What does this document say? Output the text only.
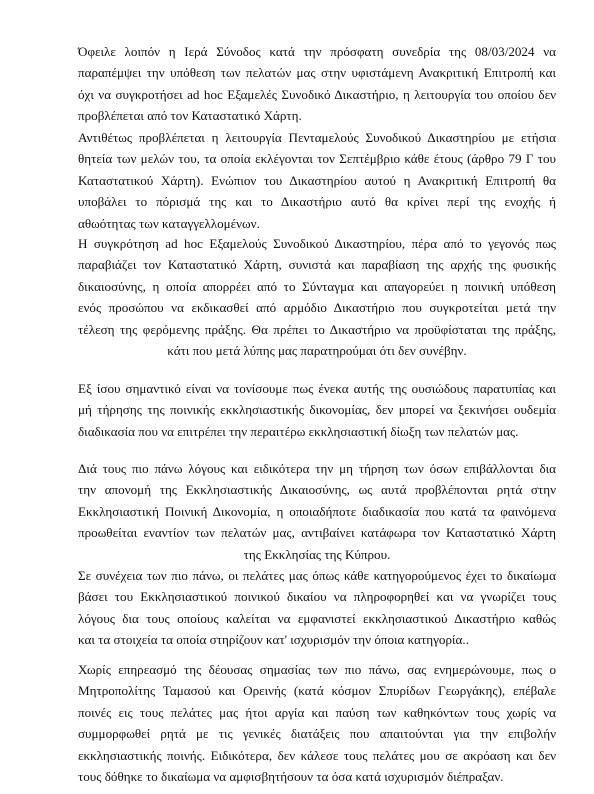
Όφειλε λοιπόν η Ιερά Σύνοδος κατά την πρόσφατη συνεδρία της 08/03/2024 να
παραπέμψει την υπόθεση των πελατών μας στην υφιστάμενη Ανακριτική Επιτροπή και
όχι να συγκροτήσει ad hoc Εξαμελές Συνοδικό Δικαστήριο, η λειτουργία του οποίου δεν
προβλέπεται από τον Καταστατικό Χάρτη.

Αντιθέτως προβλέπεται η λειτουργία Πενταμελούς Συνοδικού Δικαστηρίου με ετήσια
θητεία των μελών του, τα οποία εκλέγονται τον Σεπτέμβριο κάθε έτους (άρθρο 79 Γ του
Καταστατικού Χάρτη). Ενώπιον του Δικαστηρίου αυτού η Ανακριτική Επιτροπή θα
υποβάλει το πόρισμά της και το Δικαστήριο αυτό θα κρίνει περί της ενοχής ή
αθωότητας των καταγγελλομένων.

Η συγκρότηση ad hoc Εξαμελούς Συνοδικού Δικαστηρίου, πέρα από το γεγονός πως
παραβιάζει τον Καταστατικό Χάρτη, συνιστά και παραβίαση της αρχής της φυσικής
δικαιοσύνης, η οποία απορρέει από το Σύνταγμα και απαγορεύει η ποινική υπόθεση
ενός προσώπου να εκδικασθεί από αρμόδιο Δικαστήριο που συγκροτείται μετά την
τέλεση της φερόμενης πράξης. Θα πρέπει το Δικαστήριο να προϋφίσταται της πράξης,
κάτι που μετά λύπης μας παρατηρούμαι ότι δεν συνέβην.

Εξ ίσου σημαντικό είναι να τονίσουμε πως ένεκα αυτής της ουσιώδους παρατυπίας και
μή τήρησης της ποινικής εκκλησιαστικής δικονομίας, δεν μπορεί να ξεκινήσει ουδεμία
διαδικασία που να επιτρέπει την περαιτέρω εκκλησιαστική δίωξη των πελατών μας.

Διά τους πιο πάνω λόγους και ειδικότερα την μη τήρηση των όσων επιβάλλονται δια
την απονομή της Εκκλησιαστικής Δικαιοσύνης, ως αυτά προβλέπονται ρητά στην
Εκκλησιαστική Ποινική Δικονομία, η οποιαδήποτε διαδικασία που κατά τα φαινόμενα
προωθείται εναντίον των πελατών μας, αντιβαίνει κατάφωρα τον Καταστατικό Χάρτη
της Εκκλησίας της Κύπρου.

Σε συνέχεια των πιο πάνω, οι πελάτες μας όπως κάθε κατηγορούμενος έχει το δικαίωμα
βάσει του Εκκλησιαστικού ποινικού δικαίου να πληροφορηθεί και να γνωρίζει τους
λόγους δια τους οποίους καλείται να εμφανιστεί εκκλησιαστικού Δικαστήριο καθώς
και τα στοιχεία τα οποία στηρίζουν κατ' ισχυρισμόν την όποια κατηγορία..

Χωρίς επηρεασμό της δέουσας σημασίας των πιο πάνω, σας ενημερώνουμε, πως ο
Μητροπολίτης Ταμασού και Ορεινής (κατά κόσμον Σπυρίδων Γεωργάκης), επέβαλε
ποινές εις τους πελάτες μας ήτοι αργία και παύση των καθηκόντων τους χωρίς να
συμμορφωθεί ρητά με τις γενικές διατάξεις που απαιτούνται για την επιβολήν
εκκλησιαστικής ποινής. Ειδικότερα, δεν κάλεσε τους πελάτες μου σε ακρόαση και δεν
τους δόθηκε το δικαίωμα να αμφισβητήσουν τα όσα κατά ισχυρισμόν διέπραξαν.
